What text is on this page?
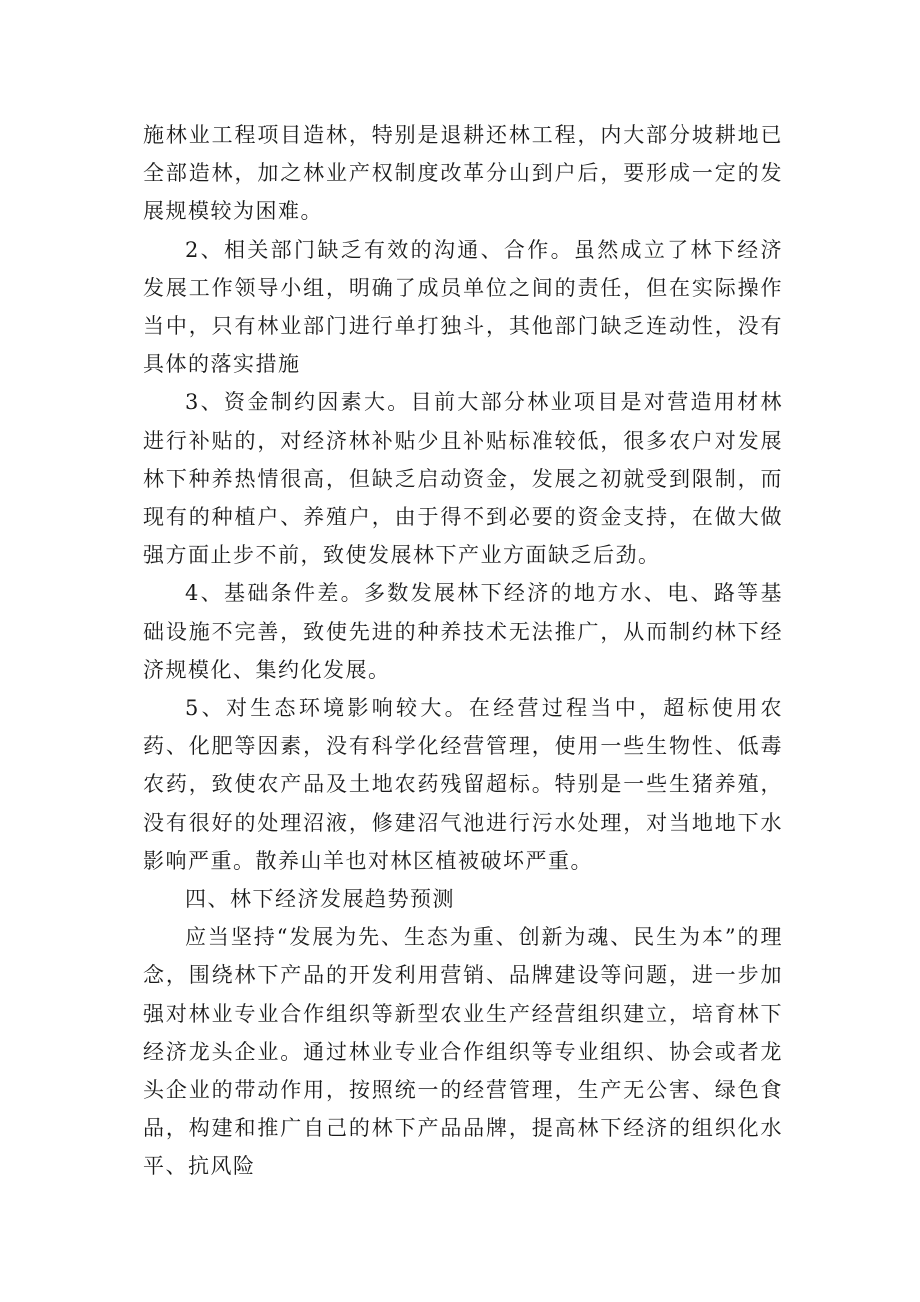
施林业工程项目造林，特别是退耕还林工程，内大部分坡耕地已全部造林，加之林业产权制度改革分山到户后，要形成一定的发展规模较为困难。

2、相关部门缺乏有效的沟通、合作。虽然成立了林下经济发展工作领导小组，明确了成员单位之间的责任，但在实际操作当中，只有林业部门进行单打独斗，其他部门缺乏连动性，没有具体的落实措施

3、资金制约因素大。目前大部分林业项目是对营造用材林进行补贴的，对经济林补贴少且补贴标准较低，很多农户对发展林下种养热情很高，但缺乏启动资金，发展之初就受到限制，而现有的种植户、养殖户，由于得不到必要的资金支持，在做大做强方面止步不前，致使发展林下产业方面缺乏后劲。

4、基础条件差。多数发展林下经济的地方水、电、路等基础设施不完善，致使先进的种养技术无法推广，从而制约林下经济规模化、集约化发展。

5、对生态环境影响较大。在经营过程当中，超标使用农药、化肥等因素，没有科学化经营管理，使用一些生物性、低毒农药，致使农产品及土地农药残留超标。特别是一些生猪养殖，没有很好的处理沼液，修建沼气池进行污水处理，对当地地下水影响严重。散养山羊也对林区植被破坏严重。

四、林下经济发展趋势预测

应当坚持“发展为先、生态为重、创新为魂、民生为本”的理念，围绕林下产品的开发利用营销、品牌建设等问题，进一步加强对林业专业合作组织等新型农业生产经营组织建立，培育林下经济龙头企业。通过林业专业合作组织等专业组织、协会或者龙头企业的带动作用，按照统一的经营管理，生产无公害、绿色食品，构建和推广自己的林下产品品牌，提高林下经济的组织化水平、抗风险
